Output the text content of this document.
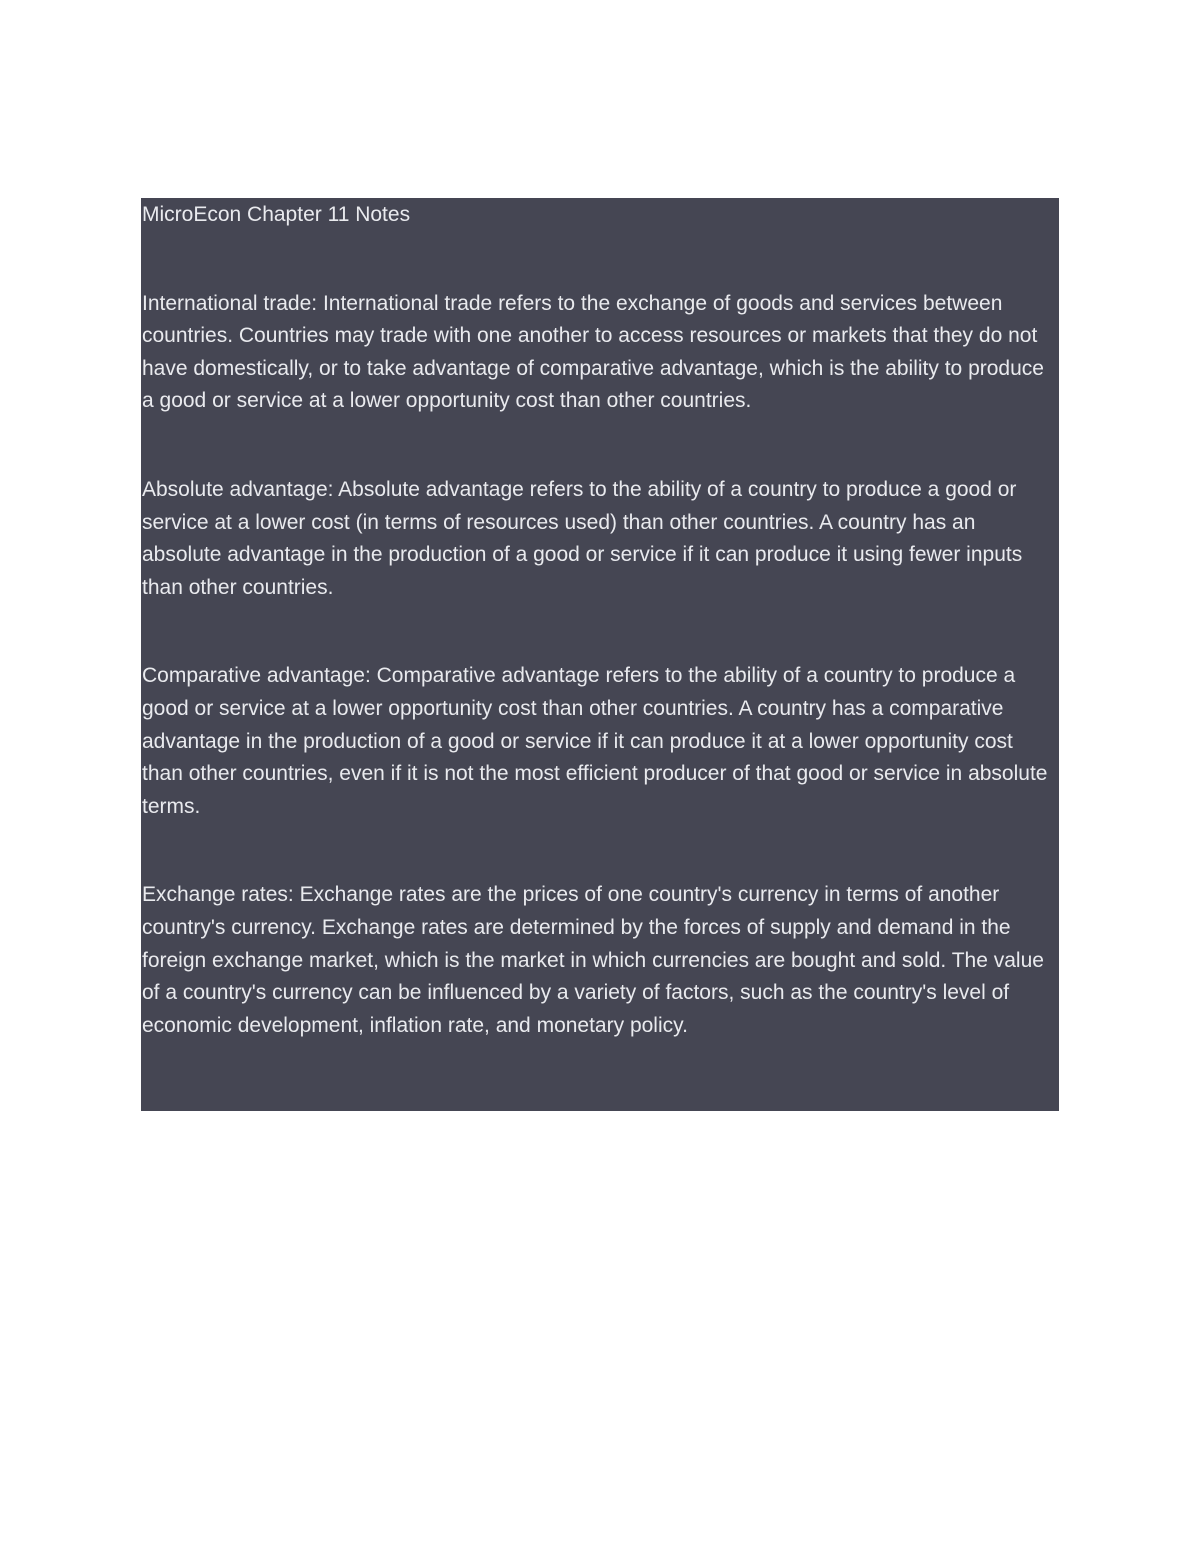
MicroEcon Chapter 11 Notes

International trade: International trade refers to the exchange of goods and services between countries. Countries may trade with one another to access resources or markets that they do not have domestically, or to take advantage of comparative advantage, which is the ability to produce a good or service at a lower opportunity cost than other countries.

Absolute advantage: Absolute advantage refers to the ability of a country to produce a good or service at a lower cost (in terms of resources used) than other countries. A country has an absolute advantage in the production of a good or service if it can produce it using fewer inputs than other countries.

Comparative advantage: Comparative advantage refers to the ability of a country to produce a good or service at a lower opportunity cost than other countries. A country has a comparative advantage in the production of a good or service if it can produce it at a lower opportunity cost than other countries, even if it is not the most efficient producer of that good or service in absolute terms.

Exchange rates: Exchange rates are the prices of one country's currency in terms of another country's currency. Exchange rates are determined by the forces of supply and demand in the foreign exchange market, which is the market in which currencies are bought and sold. The value of a country's currency can be influenced by a variety of factors, such as the country's level of economic development, inflation rate, and monetary policy.
